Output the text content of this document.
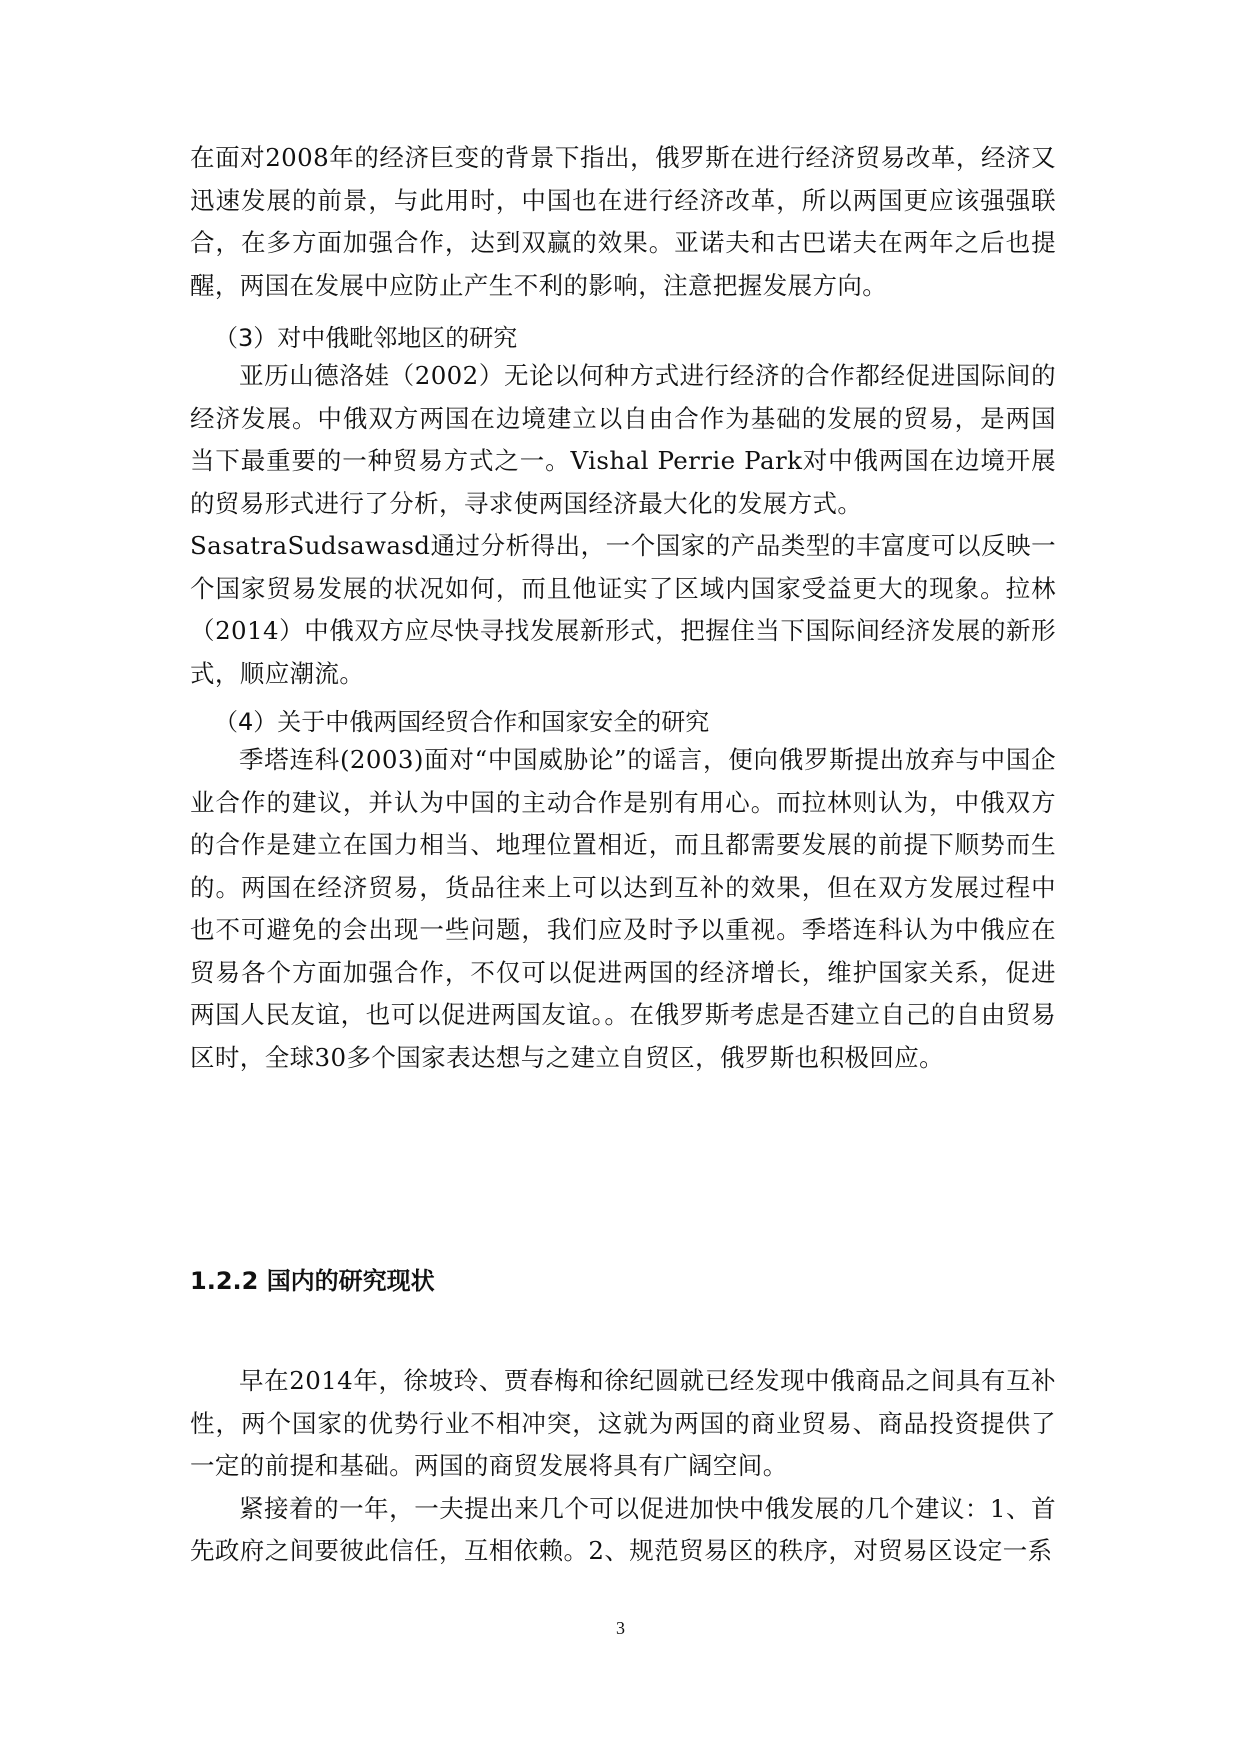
在面对2008年的经济巨变的背景下指出，俄罗斯在进行经济贸易改革，经济又迅速发展的前景，与此用时，中国也在进行经济改革，所以两国更应该强强联合，在多方面加强合作，达到双赢的效果。亚诺夫和古巴诺夫在两年之后也提醒，两国在发展中应防止产生不利的影响，注意把握发展方向。

（3）对中俄毗邻地区的研究

亚历山德洛娃（2002）无论以何种方式进行经济的合作都经促进国际间的经济发展。中俄双方两国在边境建立以自由合作为基础的发展的贸易，是两国当下最重要的一种贸易方式之一。Vishal Perrie Park对中俄两国在边境开展的贸易形式进行了分析，寻求使两国经济最大化的发展方式。

SasatraSudsawasd通过分析得出，一个国家的产品类型的丰富度可以反映一个国家贸易发展的状况如何，而且他证实了区域内国家受益更大的现象。拉林（2014）中俄双方应尽快寻找发展新形式，把握住当下国际间经济发展的新形式，顺应潮流。

（4）关于中俄两国经贸合作和国家安全的研究

季塔连科(2003)面对“中国威胁论”的谣言，便向俄罗斯提出放弃与中国企业合作的建议，并认为中国的主动合作是别有用心。而拉林则认为，中俄双方的合作是建立在国力相当、地理位置相近，而且都需要发展的前提下顺势而生的。两国在经济贸易，货品往来上可以达到互补的效果，但在双方发展过程中也不可避免的会出现一些问题，我们应及时予以重视。季塔连科认为中俄应在贸易各个方面加强合作，不仅可以促进两国的经济增长，维护国家关系，促进两国人民友谊，也可以促进两国友谊。。在俄罗斯考虑是否建立自己的自由贸易区时，全球30多个国家表达想与之建立自贸区，俄罗斯也积极回应。

1.2.2 国内的研究现状

早在2014年，徐坡玲、贾春梅和徐纪圆就已经发现中俄商品之间具有互补性，两个国家的优势行业不相冲突，这就为两国的商业贸易、商品投资提供了一定的前提和基础。两国的商贸发展将具有广阔空间。

紧接着的一年，一夫提出来几个可以促进加快中俄发展的几个建议：1、首先政府之间要彼此信任，互相依赖。2、规范贸易区的秩序，对贸易区设定一系

3
